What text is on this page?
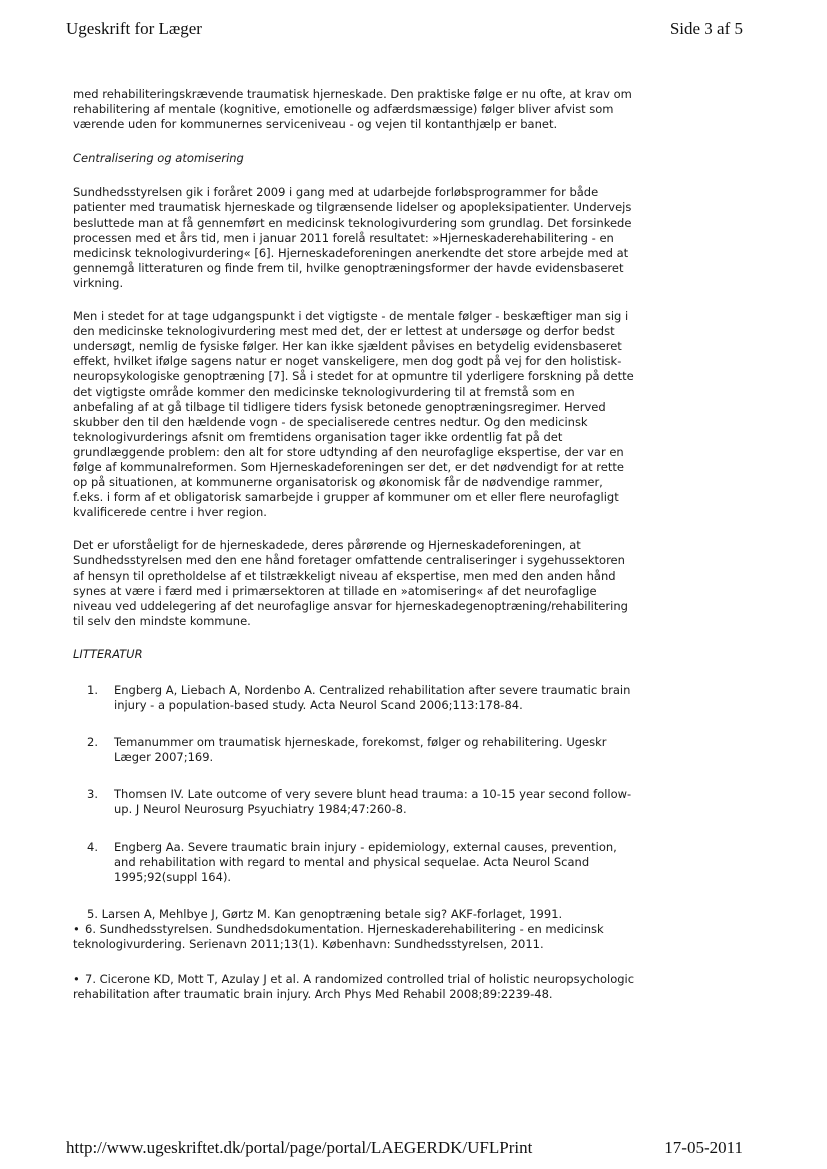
Ugeskrift for Læger	Side 3 af 5

med rehabiliteringskrævende traumatisk hjerneskade. Den praktiske følge er nu ofte, at krav om rehabilitering af mentale (kognitive, emotionelle og adfærdsmæssige) følger bliver afvist som værende uden for kommunernes serviceniveau - og vejen til kontanthjælp er banet.

Centralisering og atomisering

Sundhedsstyrelsen gik i foråret 2009 i gang med at udarbejde forløbsprogrammer for både patienter med traumatisk hjerneskade og tilgrænsende lidelser og apopleksipatienter. Undervejs besluttede man at få gennemført en medicinsk teknologivurdering som grundlag. Det forsinkede processen med et års tid, men i januar 2011 forelå resultatet: »Hjerneskaderehabilitering - en medicinsk teknologivurdering« [6]. Hjerneskadeforeningen anerkendte det store arbejde med at gennemgå litteraturen og finde frem til, hvilke genoptræningsformer der havde evidensbaseret virkning.

Men i stedet for at tage udgangspunkt i det vigtigste - de mentale følger - beskæftiger man sig i den medicinske teknologivurdering mest med det, der er lettest at undersøge og derfor bedst undersøgt, nemlig de fysiske følger. Her kan ikke sjældent påvises en betydelig evidensbaseret effekt, hvilket ifølge sagens natur er noget vanskeligere, men dog godt på vej for den holistisk-neuropsykologiske genoptræning [7]. Så i stedet for at opmuntre til yderligere forskning på dette det vigtigste område kommer den medicinske teknologivurdering til at fremstå som en anbefaling af at gå tilbage til tidligere tiders fysisk betonede genoptræningsregimer. Herved skubber den til den hældende vogn - de specialiserede centres nedtur. Og den medicinsk teknologivurderings afsnit om fremtidens organisation tager ikke ordentlig fat på det grundlæggende problem: den alt for store udtynding af den neurofaglige ekspertise, der var en følge af kommunalreformen. Som Hjerneskadeforeningen ser det, er det nødvendigt for at rette op på situationen, at kommunerne organisatorisk og økonomisk får de nødvendige rammer, f.eks. i form af et obligatorisk samarbejde i grupper af kommuner om et eller flere neurofagligt kvalificerede centre i hver region.

Det er uforståeligt for de hjerneskadede, deres pårørende og Hjerneskadeforeningen, at Sundhedsstyrelsen med den ene hånd foretager omfattende centraliseringer i sygehussektoren af hensyn til opretholdelse af et tilstrækkeligt niveau af ekspertise, men med den anden hånd synes at være i færd med i primærsektoren at tillade en »atomisering« af det neurofaglige niveau ved uddelegering af det neurofaglige ansvar for hjerneskadegenoptræning/rehabilitering til selv den mindste kommune.

LITTERATUR

1. Engberg A, Liebach A, Nordenbo A. Centralized rehabilitation after severe traumatic brain injury - a population-based study. Acta Neurol Scand 2006;113:178-84.
2. Temanummer om traumatisk hjerneskade, forekomst, følger og rehabilitering. Ugeskr Læger 2007;169.
3. Thomsen IV. Late outcome of very severe blunt head trauma: a 10-15 year second follow-up. J Neurol Neurosurg Psyuchiatry 1984;47:260-8.
4. Engberg Aa. Severe traumatic brain injury - epidemiology, external causes, prevention, and rehabilitation with regard to mental and physical sequelae. Acta Neurol Scand 1995;92(suppl 164).

5. Larsen A, Mehlbye J, Gørtz M. Kan genoptræning betale sig? AKF-forlaget, 1991.

• 6. Sundhedsstyrelsen. Sundhedsdokumentation. Hjerneskaderehabilitering - en medicinsk teknologivurdering. Serienavn 2011;13(1). København: Sundhedsstyrelsen, 2011.

• 7. Cicerone KD, Mott T, Azulay J et al. A randomized controlled trial of holistic neuropsychologic rehabilitation after traumatic brain injury. Arch Phys Med Rehabil 2008;89:2239-48.

http://www.ugeskriftet.dk/portal/page/portal/LAEGERDK/UFLPrint	17-05-2011
